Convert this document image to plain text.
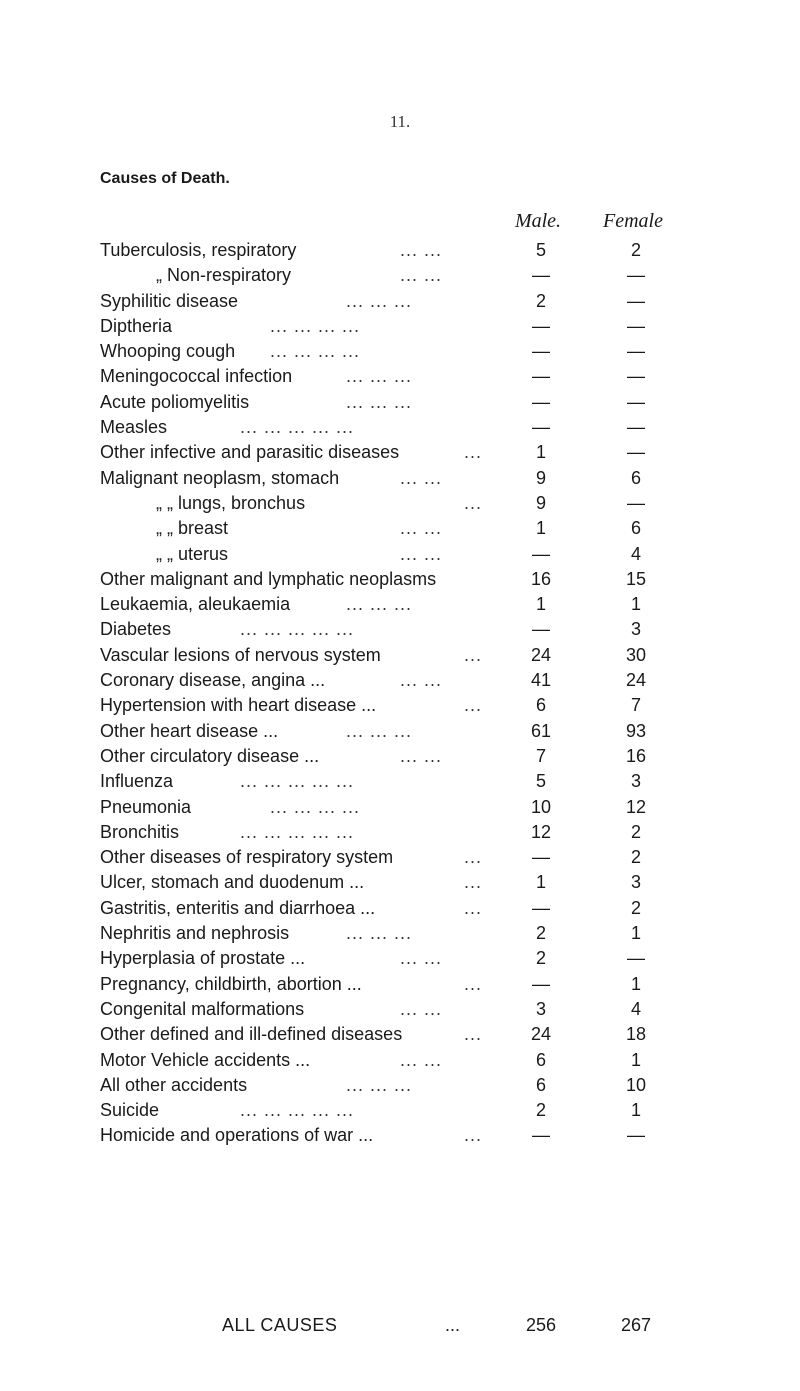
11.
Causes of Death.
Male.	Female
Tuberculosis, respiratory	... ...	5	2
„ Non-respiratory	... ...	—	—
Syphilitic disease	... ... ...	2	—
Diptheria	... ... ... ...	—	—
Whooping cough ... ... ... ...	—	—
Meningococcal infection	... ... ...	—	—
Acute poliomyelitis	... ... ...	—	—
Measles	... ... ... ... ...	—	—
Other infective and parasitic diseases	...	1	—
Malignant neoplasm, stomach	... ...	9	6
„ „ lungs, bronchus	...	9	—
„ „ breast	... ...	1	6
„ „ uterus	... ...	—	4
Other malignant and lymphatic neoplasms	16	15
Leukaemia, aleukaemia	... ... ...	1	1
Diabetes	... ... ... ... ...	—	3
Vascular lesions of nervous system	...	24	30
Coronary disease, angina ...	... ...	41	24
Hypertension with heart disease ...	...	6	7
Other heart disease ...	... ... ...	61	93
Other circulatory disease ...	... ...	7	16
Influenza	... ... ... ... ...	5	3
Pneumonia	... ... ... ...	10	12
Bronchitis	... ... ... ... ...	12	2
Other diseases of respiratory system	...	—	2
Ulcer, stomach and duodenum ...	...	1	3
Gastritis, enteritis and diarrhoea ...	...	—	2
Nephritis and nephrosis	... ... ...	2	1
Hyperplasia of prostate ...	... ...	2	—
Pregnancy, childbirth, abortion ...	...	—	1
Congenital malformations	... ...	3	4
Other defined and ill-defined diseases	...	24	18
Motor Vehicle accidents ...	... ...	6	1
All other accidents	... ... ...	6	10
Suicide	... ... ... ... ...	2	1
Homicide and operations of war ...	...	—	—
ALL CAUSES	...	256	267
